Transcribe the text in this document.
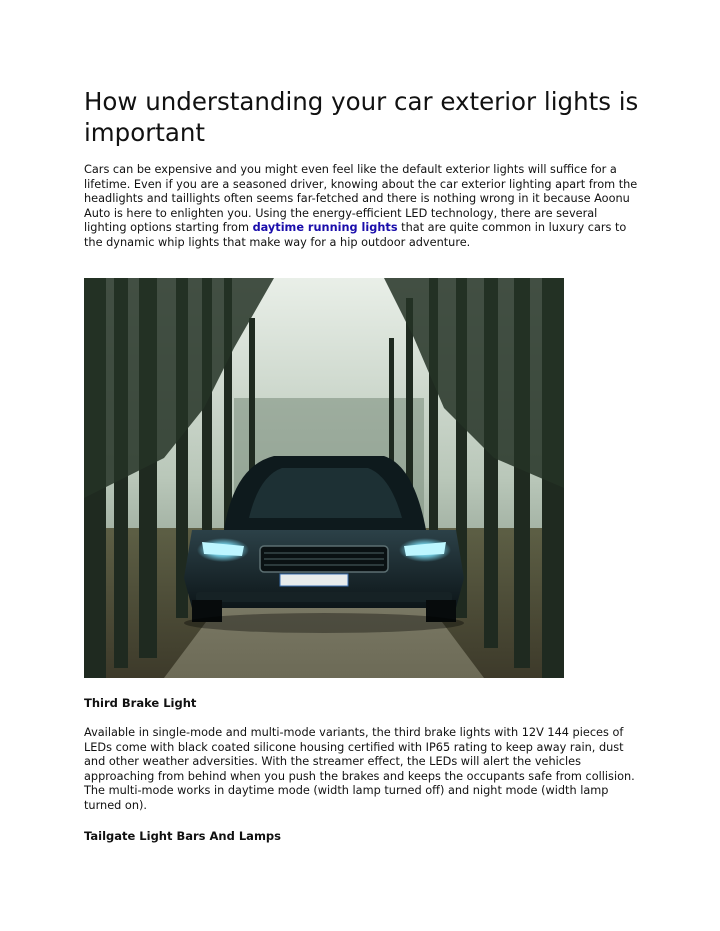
How understanding your car exterior lights is important

Cars can be expensive and you might even feel like the default exterior lights will suffice for a lifetime. Even if you are a seasoned driver, knowing about the car exterior lighting apart from the headlights and taillights often seems far-fetched and there is nothing wrong in it because Aoonu Auto is here to enlighten you. Using the energy-efficient LED technology, there are several lighting options starting from daytime running lights that are quite common in luxury cars to the dynamic whip lights that make way for a hip outdoor adventure.

Third Brake Light

Available in single-mode and multi-mode variants, the third brake lights with 12V 144 pieces of LEDs come with black coated silicone housing certified with IP65 rating to keep away rain, dust and other weather adversities. With the streamer effect, the LEDs will alert the vehicles approaching from behind when you push the brakes and keeps the occupants safe from collision. The multi-mode works in daytime mode (width lamp turned off) and night mode (width lamp turned on).

Tailgate Light Bars And Lamps
